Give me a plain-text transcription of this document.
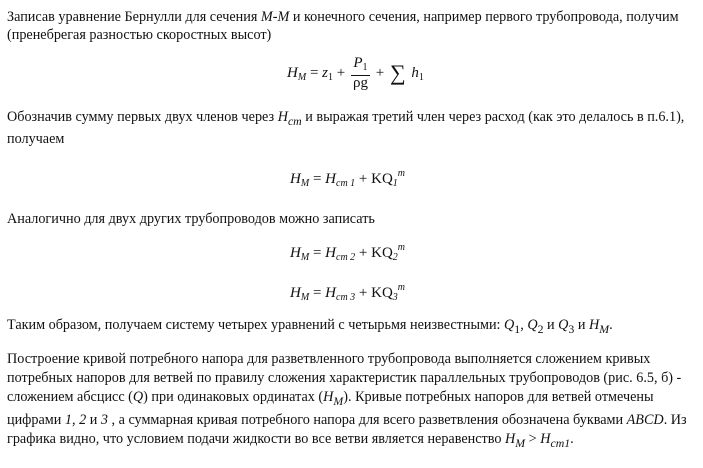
Записав уравнение Бернулли для сечения М-М и конечного сечения, например первого трубопровода, получим (пренебрегая разностью скоростных высот)

$H_M = z_1 + \frac{P_1}{\rho g}$ + ∑ $h_1$

Обозначив сумму первых двух членов через $H_{ст}$ и выражая третий член через расход (как это делалось в п.6.1), получаем

$H_M = H_{ст 1} + KQ_1^m$

Аналогично для двух других трубопроводов можно записать

$H_M = H_{ст 2} + KQ_2^m$
$H_M = H_{ст 3} + KQ_3^m$

Таким образом, получаем систему четырех уравнений с четырьмя неизвестными: $Q_1$, $Q_2$ и $Q_3$ и $H_M$.

Построение кривой потребного напора для разветвленного трубопровода выполняется сложением кривых потребных напоров для ветвей по правилу сложения характеристик параллельных трубопроводов (рис. 6.5, б) - сложением абсцисс (Q) при одинаковых ординатах $(H_M)$. Кривые потребных напоров для ветвей отмечены цифрами 1, 2 и 3 , а суммарная кривая потребного напора для всего разветвления обозначена буквами ABCD. Из графика видно, что условием подачи жидкости во все ветви является неравенство $H_M > H_{ст1}$.
